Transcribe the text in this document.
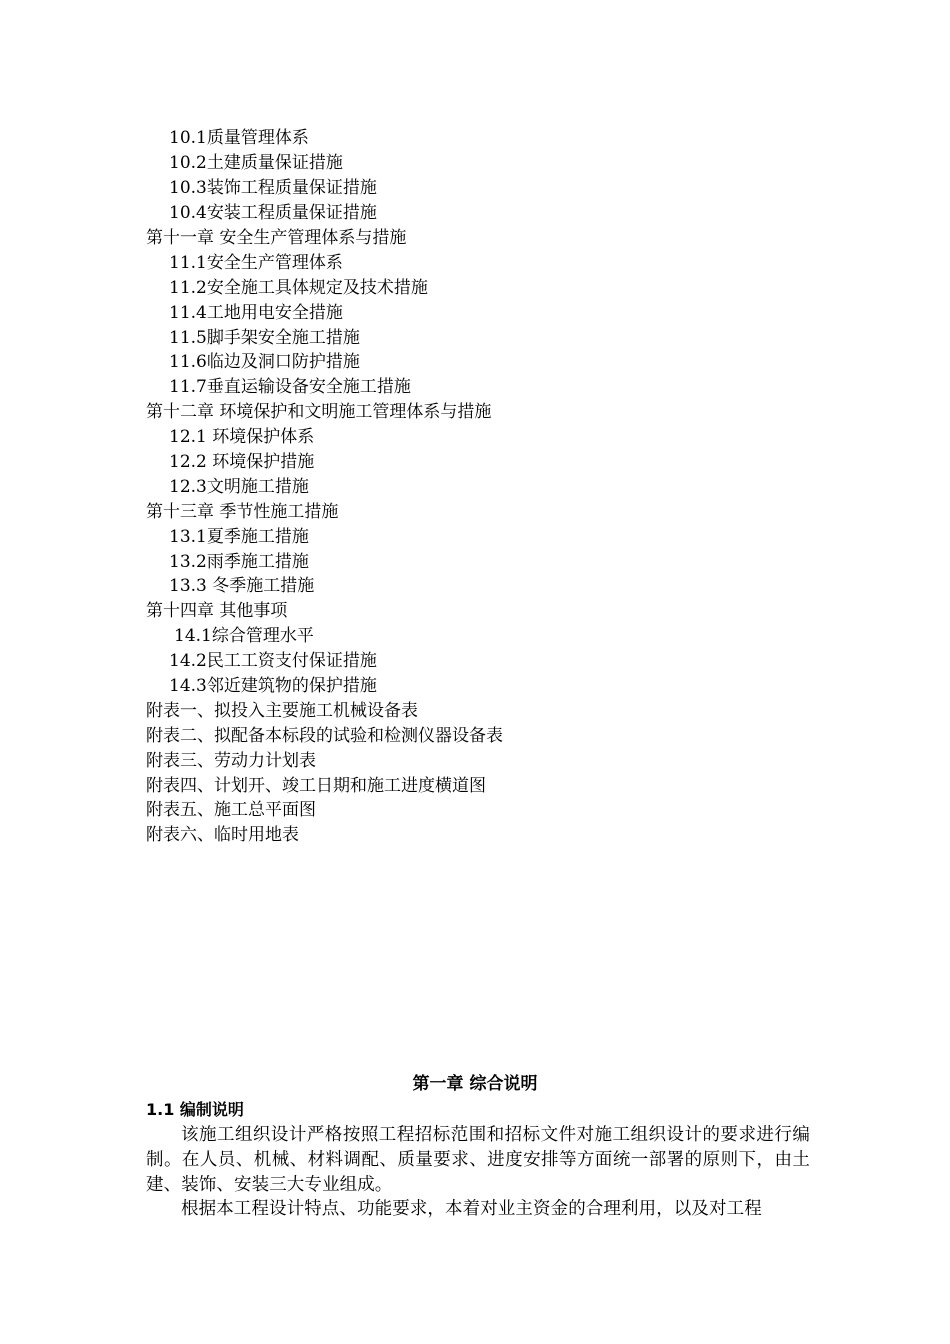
10.1质量管理体系
10.2土建质量保证措施
10.3装饰工程质量保证措施
10.4安装工程质量保证措施
第十一章 安全生产管理体系与措施
11.1安全生产管理体系
11.2安全施工具体规定及技术措施
11.4工地用电安全措施
11.5脚手架安全施工措施
11.6临边及洞口防护措施
11.7垂直运输设备安全施工措施
第十二章 环境保护和文明施工管理体系与措施
12.1 环境保护体系
12.2 环境保护措施
12.3文明施工措施
第十三章 季节性施工措施
13.1夏季施工措施
13.2雨季施工措施
13.3 冬季施工措施
第十四章 其他事项
14.1综合管理水平
14.2民工工资支付保证措施
14.3邻近建筑物的保护措施
附表一、拟投入主要施工机械设备表
附表二、拟配备本标段的试验和检测仪器设备表
附表三、劳动力计划表
附表四、计划开、竣工日期和施工进度横道图
附表五、施工总平面图
附表六、临时用地表
第一章 综合说明
1.1 编制说明
该施工组织设计严格按照工程招标范围和招标文件对施工组织设计的要求进行编制。在人员、机械、材料调配、质量要求、进度安排等方面统一部署的原则下，由土建、装饰、安装三大专业组成。
根据本工程设计特点、功能要求，本着对业主资金的合理利用，以及对工程
